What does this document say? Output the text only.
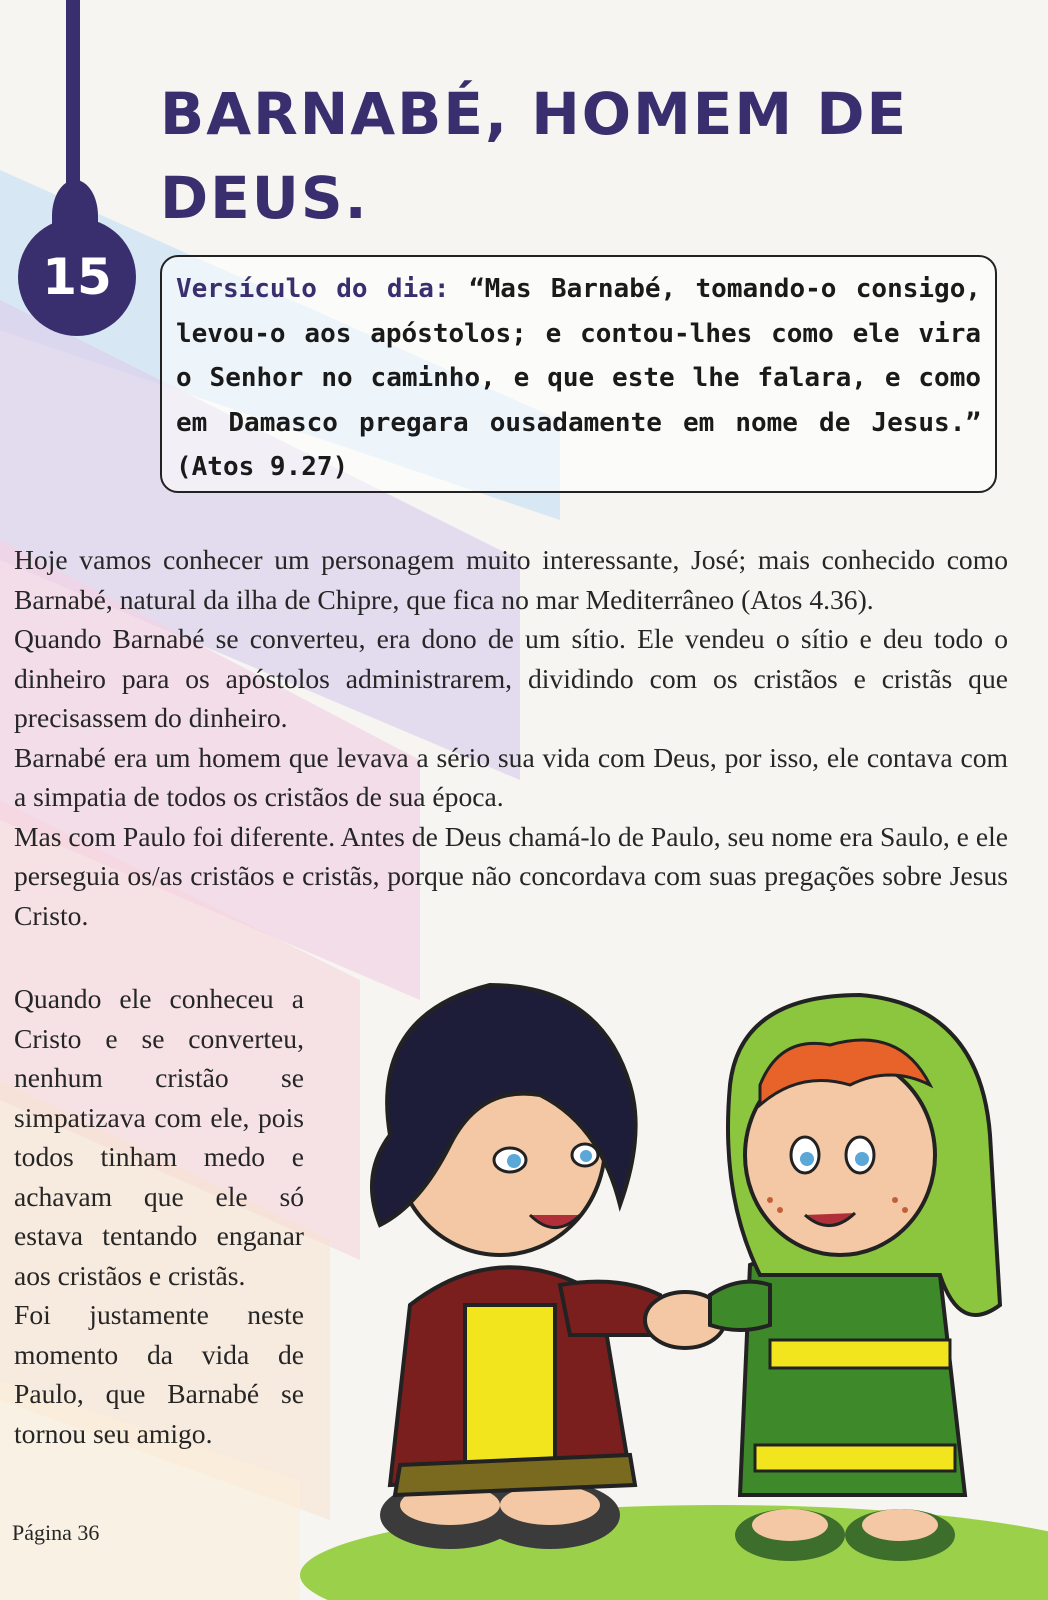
15
BARNABÉ, HOMEM DE DEUS.
Versículo do dia: “Mas Barnabé, tomando-o consigo, levou-o aos apóstolos; e contou-lhes como ele vira o Senhor no caminho, e que este lhe falara, e como em Damasco pregara ousadamente em nome de Jesus.” (Atos 9.27)

Hoje vamos conhecer um personagem muito interessante, José; mais conhecido como Barnabé, natural da ilha de Chipre, que fica no mar Mediterrâneo (Atos 4.36).

Quando Barnabé se converteu, era dono de um sítio. Ele vendeu o sítio e deu todo o dinheiro para os apóstolos administrarem, dividindo com os cristãos e cristãs que precisassem do dinheiro.

Barnabé era um homem que levava a sério sua vida com Deus, por isso, ele contava com a simpatia de todos os cristãos de sua época.

Mas com Paulo foi diferente. Antes de Deus chamá-lo de Paulo, seu nome era Saulo, e ele perseguia os/as cristãos e cristãs, porque não concordava com suas pregações sobre Jesus Cristo.

Quando ele conheceu a Cristo e se converteu, nenhum cristão se simpatizava com ele, pois todos tinham medo e achavam que ele só estava tentando enganar aos cristãos e cristãs.

Foi justamente neste momento da vida de Paulo, que Barnabé se tornou seu amigo.

Página 36
